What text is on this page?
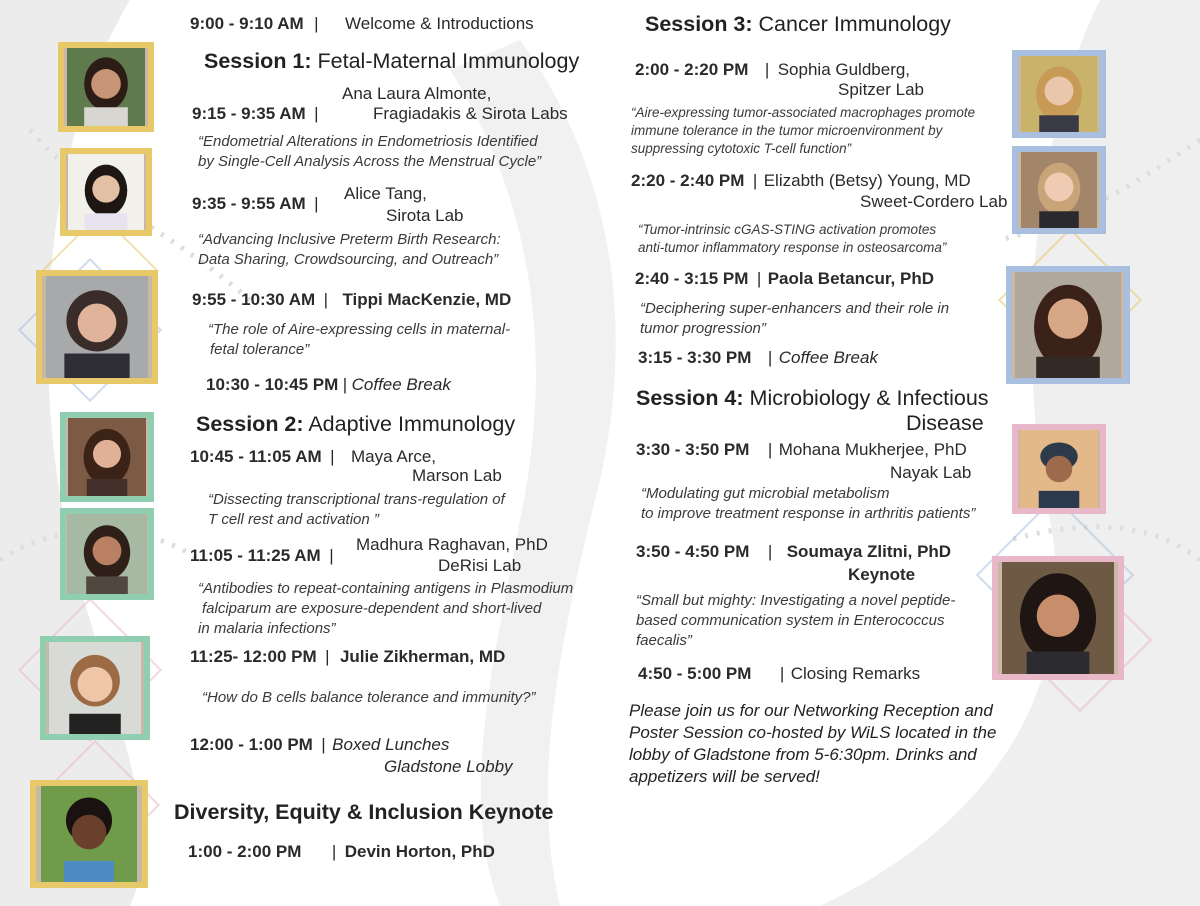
9:00 - 9:10 AM | Welcome & Introductions
Session 1: Fetal-Maternal Immunology
Ana Laura Almonte,
9:15 - 9:35 AM |	Fragiadakis & Sirota Labs
“Endometrial Alterations in Endometriosis Identified
by Single-Cell Analysis Across the Menstrual Cycle”
Alice Tang,
9:35 - 9:55 AM |
Sirota Lab
“Advancing Inclusive Preterm Birth Research:
Data Sharing, Crowdsourcing, and Outreach”
9:55 - 10:30 AM | Tippi MacKenzie, MD
“The role of Aire-expressing cells in maternal-
fetal tolerance”
10:30 - 10:45 PM | Coffee Break
Session 2: Adaptive Immunology
10:45 - 11:05 AM | Maya Arce,
Marson Lab
“Dissecting transcriptional trans-regulation of
T cell rest and activation ”
Madhura Raghavan, PhD
11:05 - 11:25 AM |
DeRisi Lab
“Antibodies to repeat-containing antigens in Plasmodium
falciparum are exposure-dependent and short-lived
in malaria infections”
11:25- 12:00 PM | Julie Zikherman, MD
“How do B cells balance tolerance and immunity?”
12:00 - 1:00 PM | Boxed Lunches
Gladstone Lobby
Diversity, Equity & Inclusion Keynote
1:00 - 2:00 PM | Devin Horton, PhD
Session 3: Cancer Immunology
2:00 - 2:20 PM | Sophia Guldberg,
Spitzer Lab
“Aire-expressing tumor-associated macrophages promote
immune tolerance in the tumor microenvironment by
suppressing cytotoxic T-cell function”
2:20 - 2:40 PM | Elizabth (Betsy) Young, MD
Sweet-Cordero Lab
“Tumor-intrinsic cGAS-STING activation promotes
anti-tumor inflammatory response in osteosarcoma”
2:40 - 3:15 PM | Paola Betancur, PhD
“Deciphering super-enhancers and their role in
tumor progression”
3:15 - 3:30 PM | Coffee Break
Session 4: Microbiology & Infectious
Disease
3:30 - 3:50 PM | Mohana Mukherjee, PhD
Nayak Lab
“Modulating gut microbial metabolism
to improve treatment response in arthritis patients”
3:50 - 4:50 PM | Soumaya Zlitni, PhD
Keynote
“Small but mighty: Investigating a novel peptide-
based communication system in Enterococcus
faecalis”
4:50 - 5:00 PM | Closing Remarks
Please join us for our Networking Reception and Poster Session co-hosted by WiLS located in the lobby of Gladstone from 5-6:30pm. Drinks and appetizers will be served!
